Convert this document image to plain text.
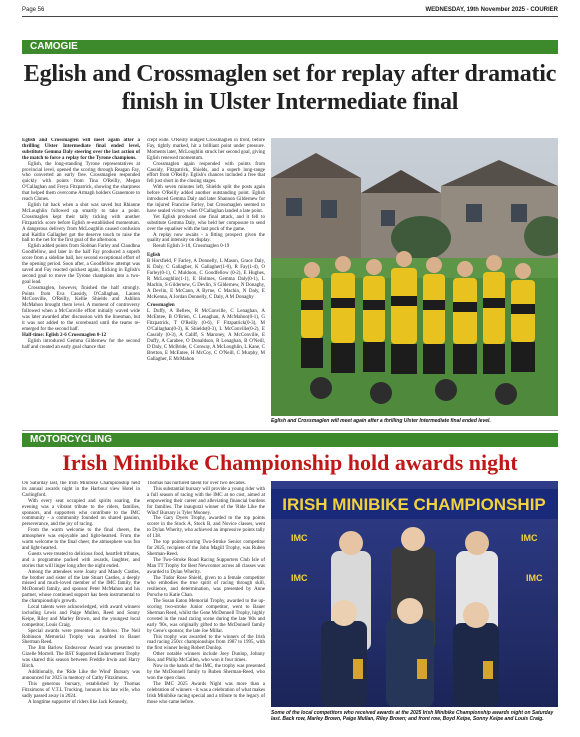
Page 56	WEDNESDAY, 19th November 2025 - COURIER
CAMOGIE
Eglish and Crossmaglen set for replay after dramatic finish in Ulster Intermediate final

Eglish and Crossmaglen will meet again after a thrilling Ulster Intermediate final ended level, substitute Gemma Daly steering over the last action of the match to force a replay for the Tyrone champions.

Eglish, the long-standing Tyrone representatives at provincial level, opened the scoring through Reagan Fay, who converted an early free. Crossmaglen responded quickly with points from Tina O'Reilly, Megan O'Callaghan and Freya Fitzpatrick, showing the sharpness that helped them overcome Armagh holders Granemore to reach Clones.

Eglish hit back when a shot was saved but Rhianne McLoughlin followed up smartly to take a point. Crossmaglen kept their tally ticking with another Fitzpatrick score before Eglish re-established momentum. A dangerous delivery from McLoughlin caused confusion and Kaitlin Gallagher got the deserve touch to raise the ball to the net for the first goal of the afternoon.

Eglish added points from Siobhan Farley and Claudhna Goodfellow, and later in the half Fay produced a superb score from a sideline ball, her second exceptional effort of the opening period. Soon after, a Goodfellow attempt was saved and Fay reacted quickest again, flicking in Eglish's second goal to move the Tyrone champions into a two-goal lead.

Crossmaglen, however, finished the half strongly. Points from Eva Cassidy, O'Callaghan, Lauren McConville, O'Reilly, Kellie Shields and Ashlinn McMahon brought them level. A moment of controversy followed when a McConville effort initially waved wide was later awarded after discussion with the linesman, but it was not added to the scoreboard until the teams re-emerged for the second half.

Half-time: Eglish 2-6 Crossmaglen 0-12

Eglish introduced Gemma Gildernew for the second half and created an early goal chance that

crept wide. O'Reilly nudged Crossmaglen in front, before Fay, tightly marked, hit a brilliant point under pressure. Moments later, McLoughlin struck her second goal, giving Eglish renewed momentum.

Crossmaglen again responded with points from Cassidy, Fitzpatrick, Shields, and a superb long-range effort from O'Reilly. Eglish's chances included a free that fell just short in the closing stages.

With seven minutes left, Shields split the posts again before O'Reilly added another outstanding point. Eglish introduced Gemma Daly and later Shannon Gildernew for the injured Francine Farley, but Crossmaglen seemed to have sealed victory when O'Callaghan landed a late point.

Yet Eglish produced one final attack, and it fell to substitute Gemma Daly, who held her composure to send over the equaliser with the last puck of the game.

A replay now awaits - a fitting prospect given the quality and intensity on display.

Result Eglish 3-10, Crossmaglen 0-19

Eglish

B Horsfield, F Farley, A Donnelly, L Mason, Grace Daly, K Daly, C Gallagher, K Gallagher(1-0), R Fay(1-4), O Farley(0-1), C Muldoon, C Goodfellow (0-2), E Hughes, R McLoughlin(1-1), E Holmes, Gemma Daly(0-1), L Machin, S Gildernew, G Devlin, S Gildernew, N Donaghy, A Devlin, E McCann, A Byrne, C Machin, N Daly, E McKenna, A Jordan Donnelly, C Daly, A M Donaghy

Crossmaglen

L Duffy, A Bellew, R McConville, C Lenaghan, A McEntee, B O'Brien, C Lenaghan, A McMahon(0-1), G Fitzpatrick, T O'Reilly (0-6), F Fitzpatrick(0-3), M O'Callaghan(0-3), K Shields(0-3), L McConville(0-2), E Cassidy (0-3), A Califf, S Maroney, A McConville, E Duffy, A Carabee, O Donaldson, R Lenaghan, B O'Neill, D Daly, C McBride, C Conway, A McLoughlin, L Kane, C Bretton, E McEntee, H McCoy, C O'Neill, C Murphy, M Gallagher, E McMahon

Eglish and Crossmaglen will meet again after a thrilling Ulster Intermediate final ended level.
MOTORCYCLING
Irish Minibike Championship hold awards night

On Saturday last, the Irish Minibike Championship held its annual awards night in the Harbour view Hotel in Carlingford.

With every seat occupied and spirits soaring, the evening was a vibrant tribute to the riders, families, sponsors, and supporters who contribute to the IMC community - a community founded on shared passion, perseverance, and the joy of racing.

From the warm welcome to the final cheers, the atmosphere was enjoyable and light-hearted. From the warm welcome to the final cheer, the atmosphere was fun and light-hearted.

Guests were treated to delicious food, heartfelt tributes, and a programme packed with awards, laughter, and stories that will linger long after the night ended.

Among the attendees were Joany and Mandy Castles, the brother and sister of the late Stuart Castles, a deeply missed and much-loved member of the IMC family, the McDonnell family, and sponsor Peter McMahon and his partner, whose continued support has been instrumental to the championship's growth.

Local talents were acknowledged, with award winners including Lewis and Paige Mullen, Reed and Sonny Keipe, Riley and Marley Brown, and the youngest local competitor, Louis Craig.

Special awards were presented as follows: The Neil Robinson Memorial Trophy was awarded to Bauer Sherman Reed.

The Jim Barlow Endeavour Award was presented to Gizelle Morrell. The BST Supported Endorsement Trophy was shared this season between Freddie Irwin and Harry Birch.

Additionally, the 'Ride Like the Wind' Bursary was announced for 2025 in memory of Cathy Fitzsimons.

This generous bursary, established by Thomas Fitzsimons of V.T.L Trucking, honours his late wife, who sadly passed away in 2024.

A longtime supporter of riders like Jack Kennedy,

Thomas has nurtured talent for over two decades.

This substantial bursary will provide a young rider with a full season of racing with the IMC at no cost, aimed at empowering their career and alleviating financial burdens for families. The inaugural winner of the 'Ride Like the Wind' Bursary is Tyler Mooney.

The Gary Dyers Trophy, awarded to the top points scorer in the Stock A, Stock B, and Novice classes, went to Dylan Wherity, who achieved an impressive points tally of 138.

The top points-scoring Two-Stroke Senior competitor for 2025, recipient of the John Magill Trophy, was Ruben Sherman-Reed.

The Two-Stroke Road Racing Supporters Club Isle of Man TT Trophy for Best Newcomer across all classes was awarded to Dylan Wherity.

The Tudor Rose Shield, given to a female competitor who embodies the true spirit of racing through skill, resilience, and determination, was presented by Anne Porsche to Katie Chan.

The Susan Eaton Memorial Trophy, awarded to the up-scoring two-stroke Junior competitor, went to Bauer Sherman Reed, whilst the Gene McDonnell Trophy, highly coveted in the road racing scene during the late '80s and early '90s, was originally gifted to the McDonnell family by Gene's sponsor, the late Joe Millar.

This trophy was awarded to the winners of the Irish road racing 250cc championships from 1987 to 1995, with the first winner being Robert Dunlop.

Other notable winners include Joey Dunlop, Johnny Rea, and Philip McCallen, who won it four times.

Now in the hands of the IMC, the trophy was presented by the McDonnell family to Ruben Sherman-Reed, who won the open class.

The IMC 2025 Awards Night was more than a celebration of winners - it was a celebration of what makes Irish Minibike racing special and a tribute to the legacy of those who came before.

IRISH MINIBIKE CHAMPIONSHIP
IMC	IMC
IMC	IMC
Some of the local competitors who received awards at the 2025 Irish Minibike Championship awards night on Saturday last. Back row, Marley Brown, Paige Mullan, Riley Brown; and front row, Boyd Keipe, Sonny Keipe and Louis Craig.
